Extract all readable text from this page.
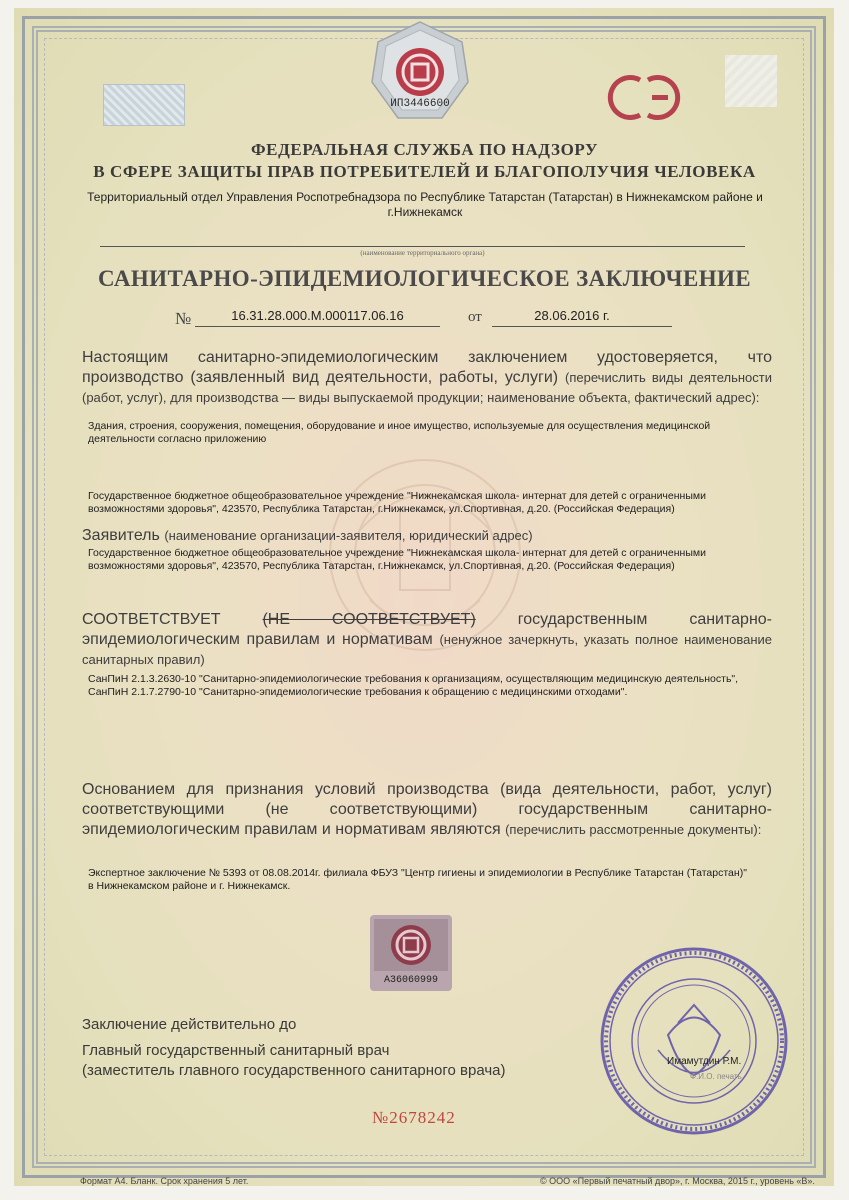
ИП3446600
ФЕДЕРАЛЬНАЯ СЛУЖБА ПО НАДЗОРУ
В СФЕРЕ ЗАЩИТЫ ПРАВ ПОТРЕБИТЕЛЕЙ И БЛАГОПОЛУЧИЯ ЧЕЛОВЕКА
Территориальный отдел Управления Роспотребнадзора по Республике Татарстан (Татарстан) в Нижнекамском районе и г.Нижнекамск
(наименование территориального органа)
САНИТАРНО-ЭПИДЕМИОЛОГИЧЕСКОЕ ЗАКЛЮЧЕНИЕ
№	16.31.28.000.М.000117.06.16	от	28.06.2016 г.
Настоящим санитарно-эпидемиологическим заключением удостоверяется, что производство (заявленный вид деятельности, работы, услуги) (перечислить виды деятельности (работ, услуг), для производства — виды выпускаемой продукции; наименование объекта, фактический адрес):
Здания, строения, сооружения, помещения, оборудование и иное имущество, используемые для осуществления медицинской деятельности согласно приложению
Государственное бюджетное общеобразовательное учреждение "Нижнекамская школа- интернат для детей с ограниченными возможностями здоровья", 423570, Республика Татарстан, г.Нижнекамск, ул.Спортивная, д.20. (Российская Федерация)
Заявитель (наименование организации-заявителя, юридический адрес)
Государственное бюджетное общеобразовательное учреждение "Нижнекамская школа- интернат для детей с ограниченными возможностями здоровья", 423570, Республика Татарстан, г.Нижнекамск, ул.Спортивная, д.20. (Российская Федерация)
СООТВЕТСТВУЕТ	(НЕ СООТВЕТСТВУЕТ)	государственным санитарно-эпидемиологическим правилам и нормативам (ненужное зачеркнуть, указать полное наименование санитарных правил)
СанПиН 2.1.3.2630-10 "Санитарно-эпидемиологические требования к организациям, осуществляющим медицинскую деятельность", СанПиН 2.1.7.2790-10 "Санитарно-эпидемиологические требования к обращению с медицинскими отходами".
Основанием для признания условий производства (вида деятельности, работ, услуг) соответствующими (не соответствующими) государственным санитарно-эпидемиологическим правилам и нормативам являются (перечислить рассмотренные документы):
Экспертное заключение № 5393 от 08.08.2014г. филиала ФБУЗ "Центр гигиены и эпидемиологии в Республике Татарстан (Татарстан)" в Нижнекамском районе и г. Нижнекамск.
A36060999
Заключение действительно до
Главный государственный санитарный врач
(заместитель главного государственного санитарного врача)
Имамутдин Р.М.
Ф.И.О. печать
№2678242
Формат А4. Бланк. Срок хранения 5 лет.	© ООО «Первый печатный двор», г. Москва, 2015 г., уровень «В».
